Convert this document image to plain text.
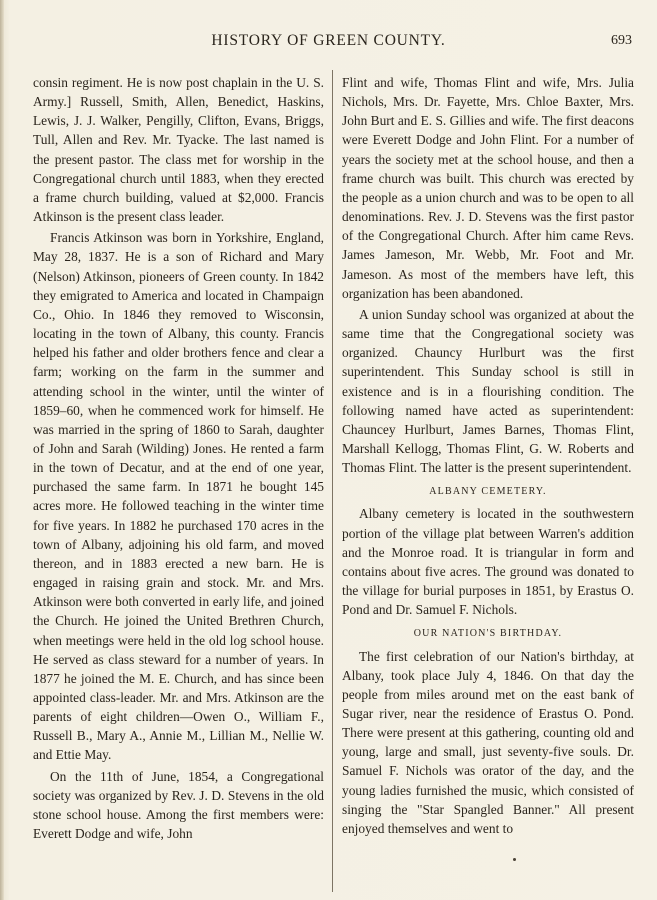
HISTORY OF GREEN COUNTY.	693

consin regiment. He is now post chaplain in the U. S. Army.] Russell, Smith, Allen, Benedict, Haskins, Lewis, J. J. Walker, Pengilly, Clifton, Evans, Briggs, Tull, Allen and Rev. Mr. Tyacke. The last named is the present pastor. The class met for worship in the Congregational church until 1883, when they erected a frame church building, valued at $2,000. Francis Atkinson is the present class leader.

Francis Atkinson was born in Yorkshire, England, May 28, 1837. He is a son of Richard and Mary (Nelson) Atkinson, pioneers of Green county. In 1842 they emigrated to America and located in Champaign Co., Ohio. In 1846 they removed to Wisconsin, locating in the town of Albany, this county. Francis helped his father and older brothers fence and clear a farm; working on the farm in the summer and attending school in the winter, until the winter of 1859–60, when he commenced work for himself. He was married in the spring of 1860 to Sarah, daughter of John and Sarah (Wilding) Jones. He rented a farm in the town of Decatur, and at the end of one year, purchased the same farm. In 1871 he bought 145 acres more. He followed teaching in the winter time for five years. In 1882 he purchased 170 acres in the town of Albany, adjoining his old farm, and moved thereon, and in 1883 erected a new barn. He is engaged in raising grain and stock. Mr. and Mrs. Atkinson were both converted in early life, and joined the Church. He joined the United Brethren Church, when meetings were held in the old log school house. He served as class steward for a number of years. In 1877 he joined the M. E. Church, and has since been appointed class-leader. Mr. and Mrs. Atkinson are the parents of eight children—Owen O., William F., Russell B., Mary A., Annie M., Lillian M., Nellie W. and Ettie May.

On the 11th of June, 1854, a Congregational society was organized by Rev. J. D. Stevens in the old stone school house. Among the first members were: Everett Dodge and wife, John

Flint and wife, Thomas Flint and wife, Mrs. Julia Nichols, Mrs. Dr. Fayette, Mrs. Chloe Baxter, Mrs. John Burt and E. S. Gillies and wife. The first deacons were Everett Dodge and John Flint. For a number of years the society met at the school house, and then a frame church was built. This church was erected by the people as a union church and was to be open to all denominations. Rev. J. D. Stevens was the first pastor of the Congregational Church. After him came Revs. James Jameson, Mr. Webb, Mr. Foot and Mr. Jameson. As most of the members have left, this organization has been abandoned.

A union Sunday school was organized at about the same time that the Congregational society was organized. Chauncy Hurlburt was the first superintendent. This Sunday school is still in existence and is in a flourishing condition. The following named have acted as superintendent: Chauncey Hurlburt, James Barnes, Thomas Flint, Marshall Kellogg, Thomas Flint, G. W. Roberts and Thomas Flint. The latter is the present superintendent.

ALBANY CEMETERY.

Albany cemetery is located in the southwestern portion of the village plat between Warren's addition and the Monroe road. It is triangular in form and contains about five acres. The ground was donated to the village for burial purposes in 1851, by Erastus O. Pond and Dr. Samuel F. Nichols.

OUR NATION'S BIRTHDAY.

The first celebration of our Nation's birthday, at Albany, took place July 4, 1846. On that day the people from miles around met on the east bank of Sugar river, near the residence of Erastus O. Pond. There were present at this gathering, counting old and young, large and small, just seventy-five souls. Dr. Samuel F. Nichols was orator of the day, and the young ladies furnished the music, which consisted of singing the "Star Spangled Banner." All present enjoyed themselves and went to
